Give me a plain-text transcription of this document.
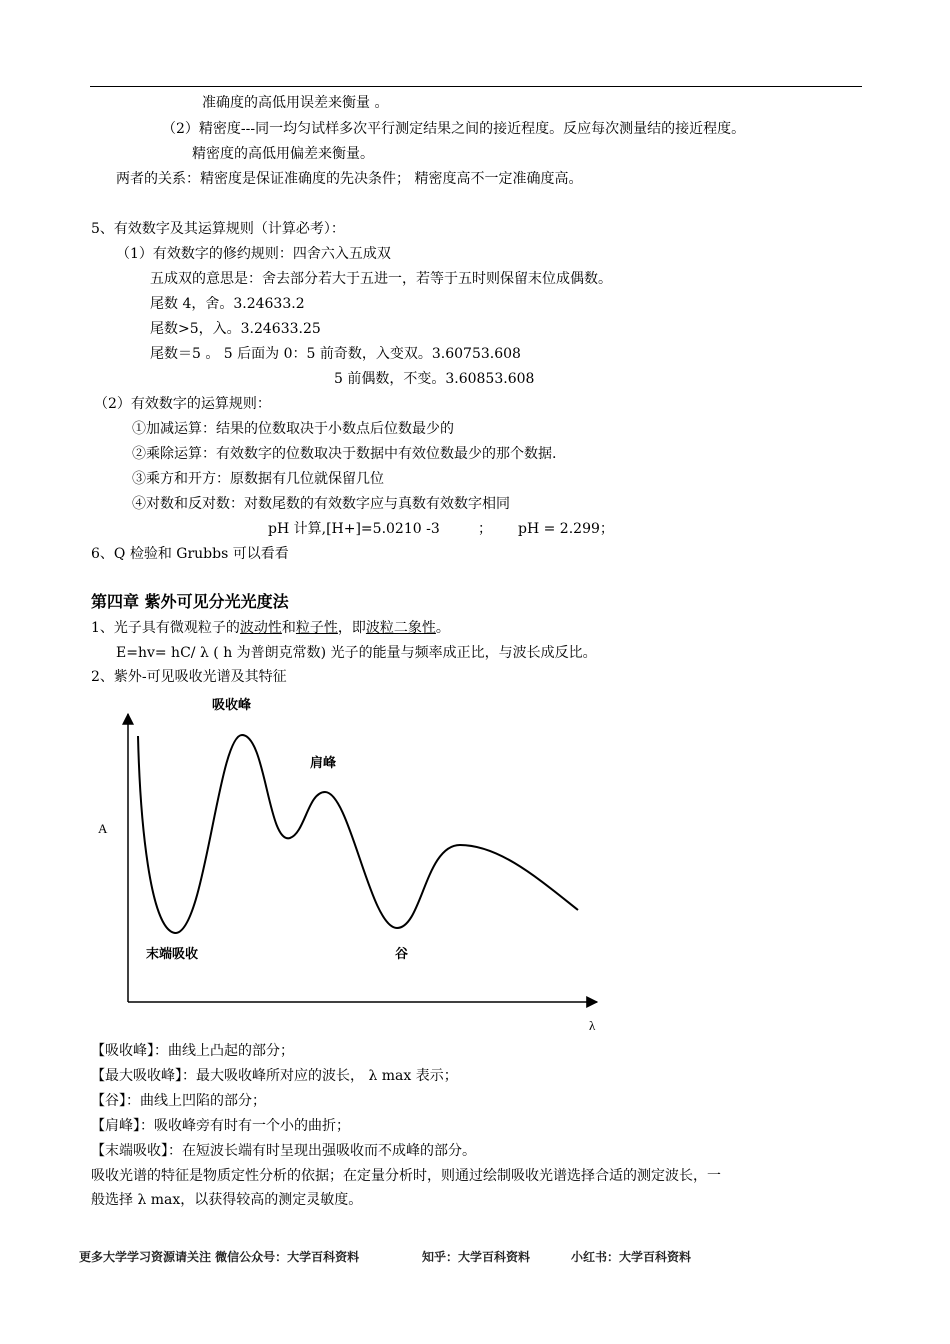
准确度的高低用误差来衡量 。
（2）精密度---同一均匀试样多次平行测定结果之间的接近程度。反应每次测量结的接近程度。
精密度的高低用偏差来衡量。
两者的关系：精密度是保证准确度的先决条件； 精密度高不一定准确度高。
5、有效数字及其运算规则（计算必考）：
（1）有效数字的修约规则：四舍六入五成双
五成双的意思是：舍去部分若大于五进一，若等于五时则保留末位成偶数。
尾数 4，舍。3.24633.2
尾数>5，入。3.24633.25
尾数＝5 。 5 后面为 0：5 前奇数，入变双。3.60753.608
5 前偶数，不变。3.60853.608
（2）有效数字的运算规则：
①加减运算：结果的位数取决于小数点后位数最少的
②乘除运算：有效数字的位数取决于数据中有效位数最少的那个数据.
③乘方和开方：原数据有几位就保留几位
④对数和反对数：对数尾数的有效数字应与真数有效数字相同
pH 计算,[H+]=5.0210 -3	； pH = 2.299；
6、Q 检验和 Grubbs 可以看看
第四章 紫外可见分光光度法
1、光子具有微观粒子的波动性和粒子性，即波粒二象性。
E=hv= hC/ λ ( h 为普朗克常数) 光子的能量与频率成正比，与波长成反比。
2、紫外-可见吸收光谱及其特征
吸收峰
肩峰
末端吸收	谷
A
λ
【吸收峰】：曲线上凸起的部分；
【最大吸收峰】：最大吸收峰所对应的波长， λ max 表示；
【谷】：曲线上凹陷的部分；
【肩峰】：吸收峰旁有时有一个小的曲折；
【末端吸收】：在短波长端有时呈现出强吸收而不成峰的部分。
吸收光谱的特征是物质定性分析的依据；在定量分析时，则通过绘制吸收光谱选择合适的测定波长，一
般选择 λ max，以获得较高的测定灵敏度。
更多大学学习资源请关注 微信公众号：大学百科资料	知乎：大学百科资料	小红书：大学百科资料
